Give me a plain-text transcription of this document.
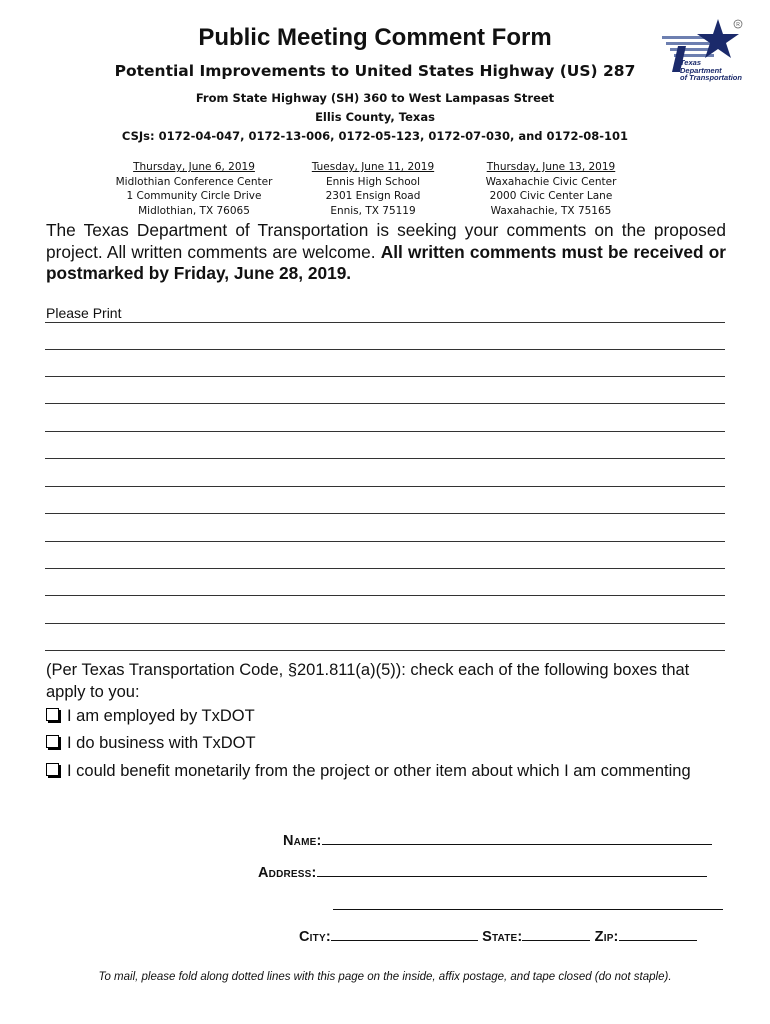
Public Meeting Comment Form
Potential Improvements to United States Highway (US) 287
From State Highway (SH) 360 to West Lampasas Street
Ellis County, Texas
CSJs: 0172-04-047, 0172-13-006, 0172-05-123, 0172-07-030, and 0172-08-101
R
Texas
Department
of Transportation
Thursday, June 6, 2019
Midlothian Conference Center
1 Community Circle Drive
Midlothian, TX 76065
Tuesday, June 11, 2019
Ennis High School
2301 Ensign Road
Ennis, TX 75119
Thursday, June 13, 2019
Waxahachie Civic Center
2000 Civic Center Lane
Waxahachie, TX 75165
The Texas Department of Transportation is seeking your comments on the proposed project. All written comments are welcome. All written comments must be received or postmarked by Friday, June 28, 2019.
Please Print
(Per Texas Transportation Code, §201.811(a)(5)): check each of the following boxes that apply to you:
I am employed by TxDOT
I do business with TxDOT
I could benefit monetarily from the project or other item about which I am commenting
Name:
Address:
City:	State:	Zip:
To mail, please fold along dotted lines with this page on the inside, affix postage, and tape closed (do not staple).
